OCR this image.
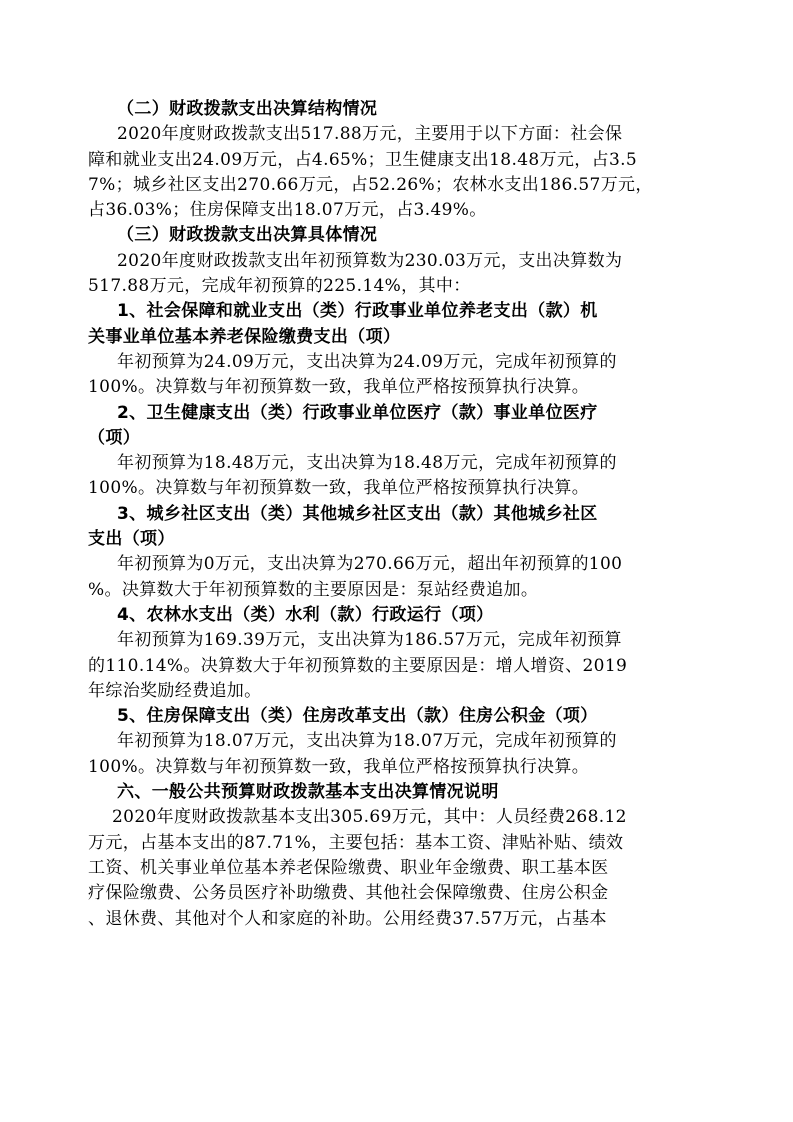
（二）财政拨款支出决算结构情况
2020年度财政拨款支出517.88万元，主要用于以下方面：社会保
障和就业支出24.09万元，占4.65%；卫生健康支出18.48万元，占3.5
7%；城乡社区支出270.66万元，占52.26%；农林水支出186.57万元，
占36.03%；住房保障支出18.07万元，占3.49%。
（三）财政拨款支出决算具体情况
2020年度财政拨款支出年初预算数为230.03万元，支出决算数为
517.88万元，完成年初预算的225.14%，其中：
1、社会保障和就业支出（类）行政事业单位养老支出（款）机
关事业单位基本养老保险缴费支出（项）
年初预算为24.09万元，支出决算为24.09万元，完成年初预算的
100%。决算数与年初预算数一致，我单位严格按预算执行决算。
2、卫生健康支出（类）行政事业单位医疗（款）事业单位医疗
（项）
年初预算为18.48万元，支出决算为18.48万元，完成年初预算的
100%。决算数与年初预算数一致，我单位严格按预算执行决算。
3、城乡社区支出（类）其他城乡社区支出（款）其他城乡社区
支出（项）
年初预算为0万元，支出决算为270.66万元，超出年初预算的100
%。决算数大于年初预算数的主要原因是：泵站经费追加。
4、农林水支出（类）水利（款）行政运行（项）
年初预算为169.39万元，支出决算为186.57万元，完成年初预算
的110.14%。决算数大于年初预算数的主要原因是：增人增资、2019
年综治奖励经费追加。
5、住房保障支出（类）住房改革支出（款）住房公积金（项）
年初预算为18.07万元，支出决算为18.07万元，完成年初预算的
100%。决算数与年初预算数一致，我单位严格按预算执行决算。
六、一般公共预算财政拨款基本支出决算情况说明
2020年度财政拨款基本支出305.69万元，其中：人员经费268.12
万元，占基本支出的87.71%，主要包括：基本工资、津贴补贴、绩效
工资、机关事业单位基本养老保险缴费、职业年金缴费、职工基本医
疗保险缴费、公务员医疗补助缴费、其他社会保障缴费、住房公积金
、退休费、其他对个人和家庭的补助。公用经费37.57万元，占基本
